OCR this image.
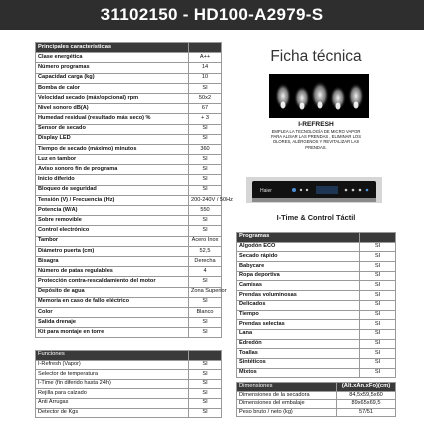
31102150 - HD100-A2979-S
Principales características	
Clase energética	A++
Número programas	14
Capacidad carga (kg)	10
Bomba de calor	SI
Velocidad secado (máx/opcional) rpm	50x2
Nivel sonoro dB(A)	67
Humedad residual (resultado más seco) %	+ 3
Sensor de secado	SI
Display LED	SI
Tiempo de secado (máximo) minutos	360
Luz en tambor	SI
Aviso sonoro fin de programa	SI
Inicio diferido	SI
Bloqueo de seguridad	SI
Tensión (V) / Frecuencia (Hz)	200-240V / 50Hz
Potencia (W/A)	550
Sobre removible	SI
Control electrónico	SI
Tambor	Acero Inox
Diámetro puerta (cm)	52,5
Bisagra	Derecha
Número de patas regulables	4
Protección contra-rescaldamiento del motor	SI
Depósito de agua	Zona Superior
Memoria en caso de fallo eléctrico	SI
Color	Blanco
Salida drenaje	SI
Kit para montaje en torre	SI
Funciones	
I-Refresh (Vapor)	SI
Selector de temperatura	SI
I-Time (fin diferido hasta 24h)	SI
Rejilla para calzado	SI
Anti Arrugas	SI
Detector de Kgs	SI
Ficha técnica
I-REFRESH
EMPLEA LA TECNOLOGÍA DE MICRO VAPOR PARA ALISAR LAS PRENDAS , ELIMINAR LOS OLORES, ALÉRGENOS Y REVITALIZAR LAS PRENDAS.
Haier
I-Time & Control Táctil
Programas	
Algodón ECO	SI
Secado rápido	SI
Babycare	SI
Ropa deportiva	SI
Camisas	SI
Prendas voluminosas	SI
Delicados	SI
Tiempo	SI
Prendas selectas	SI
Lana	SI
Edredón	SI
Toallas	SI
Sintéticos	SI
Mixtos	SI
Dimensiones	(Alt.xAn.xFo)(cm)
Dimensiones de la secadora	84,5x59,5x60
Dimensiones del embalaje	89x65x69,5
Peso bruto / neto (kg)	57/51
